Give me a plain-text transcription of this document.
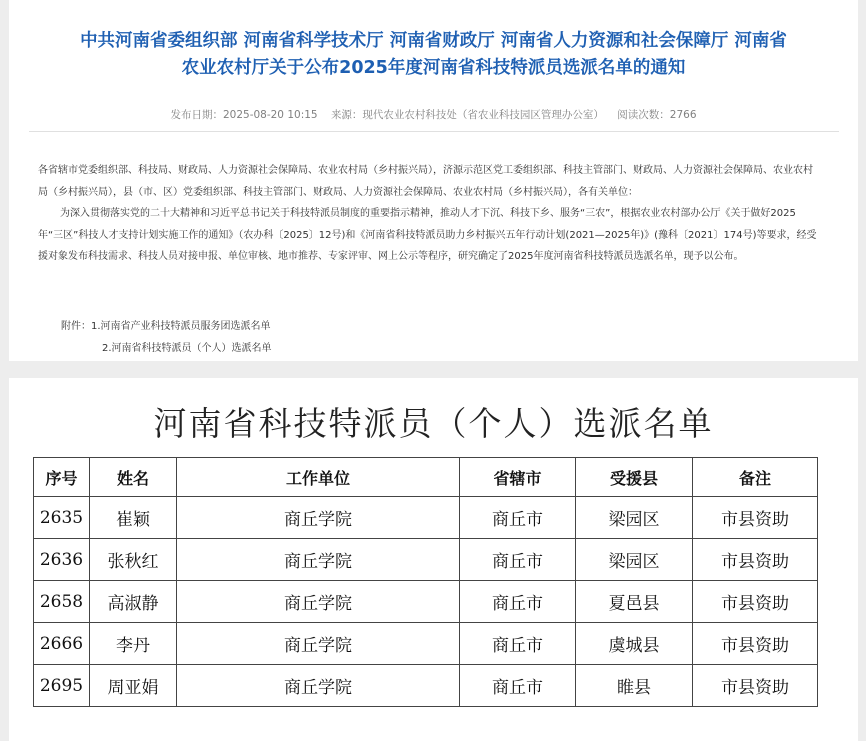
中共河南省委组织部 河南省科学技术厅 河南省财政厅 河南省人力资源和社会保障厅 河南省
农业农村厅关于公布2025年度河南省科技特派员选派名单的通知
发布日期：2025-08-20 10:15 来源：现代农业农村科技处（省农业科技园区管理办公室） 阅读次数：2766

各省辖市党委组织部、科技局、财政局、人力资源社会保障局、农业农村局（乡村振兴局），济源示范区党工委组织部、科技主管部门、财政局、人力资源社会保障局、农业农村局（乡村振兴局），县（市、区）党委组织部、科技主管部门、财政局、人力资源社会保障局、农业农村局（乡村振兴局），各有关单位：

为深入贯彻落实党的二十大精神和习近平总书记关于科技特派员制度的重要指示精神，推动人才下沉、科技下乡、服务“三农”，根据农业农村部办公厅《关于做好2025年“三区”科技人才支持计划实施工作的通知》（农办科〔2025〕12号)和《河南省科技特派员助力乡村振兴五年行动计划(2021—2025年)》(豫科〔2021〕174号)等要求，经受援对象发布科技需求、科技人员对接申报、单位审核、地市推荐、专家评审、网上公示等程序，研究确定了2025年度河南省科技特派员选派名单，现予以公布。

附件：1.河南省产业科技特派员服务团选派名单
2.河南省科技特派员（个人）选派名单
河南省科技特派员（个人）选派名单
序号	姓名	工作单位	省辖市	受援县	备注
2635	崔颖	商丘学院	商丘市	梁园区	市县资助
2636	张秋红	商丘学院	商丘市	梁园区	市县资助
2658	高淑静	商丘学院	商丘市	夏邑县	市县资助
2666	李丹	商丘学院	商丘市	虞城县	市县资助
2695	周亚娟	商丘学院	商丘市	睢县	市县资助
